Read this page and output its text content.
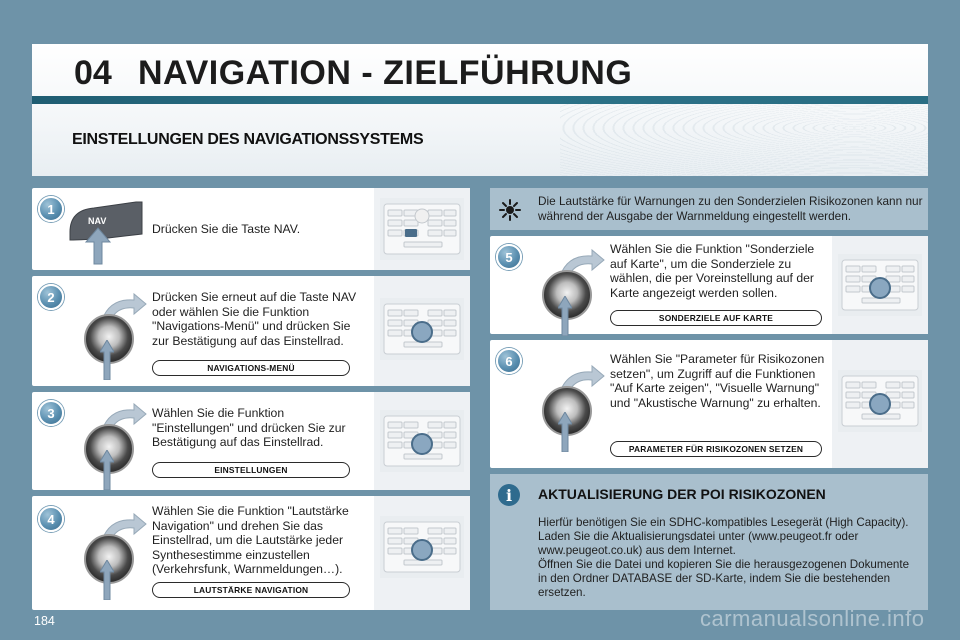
04 NAVIGATION - ZIELFÜHRUNG
EINSTELLUNGEN DES NAVIGATIONSSYSTEMS
1
NAV
Drücken Sie die Taste NAV.
2	Drücken Sie erneut auf die Taste NAV oder wählen Sie die Funktion "Navigations-Menü" und drücken Sie zur Bestätigung auf das Einstellrad.
NAVIGATIONS-MENÜ
3	Wählen Sie die Funktion "Einstellungen" und drücken Sie zur Bestätigung auf das Einstellrad.
EINSTELLUNGEN
4
Wählen Sie die Funktion "Lautstärke Navigation" und drehen Sie das Einstellrad, um die Lautstärke jeder Synthesestimme einzustellen (Verkehrsfunk, Warnmeldungen…).
LAUTSTÄRKE NAVIGATION
Die Lautstärke für Warnungen zu den Sonderzielen Risikozonen kann nur während der Ausgabe der Warnmeldung eingestellt werden.
5
Wählen Sie die Funktion "Sonderziele auf Karte", um die Sonderziele zu wählen, die per Voreinstellung auf der Karte angezeigt werden sollen.
SONDERZIELE AUF KARTE
6	Wählen Sie "Parameter für Risikozonen setzen", um Zugriff auf die Funktionen "Auf Karte zeigen", "Visuelle Warnung" und "Akustische Warnung" zu erhalten.
PARAMETER FÜR RISIKOZONEN SETZEN
i	AKTUALISIERUNG DER POI RISIKOZONEN
Hierfür benötigen Sie ein SDHC-kompatibles Lesegerät (High Capacity).
Laden Sie die Aktualisierungsdatei unter (www.peugeot.fr oder
www.peugeot.co.uk) aus dem Internet.
Öffnen Sie die Datei und kopieren Sie die herausgezogenen Dokumente
in den Ordner DATABASE der SD-Karte, indem Sie die bestehenden
ersetzen.
184	carmanualsonline.info
